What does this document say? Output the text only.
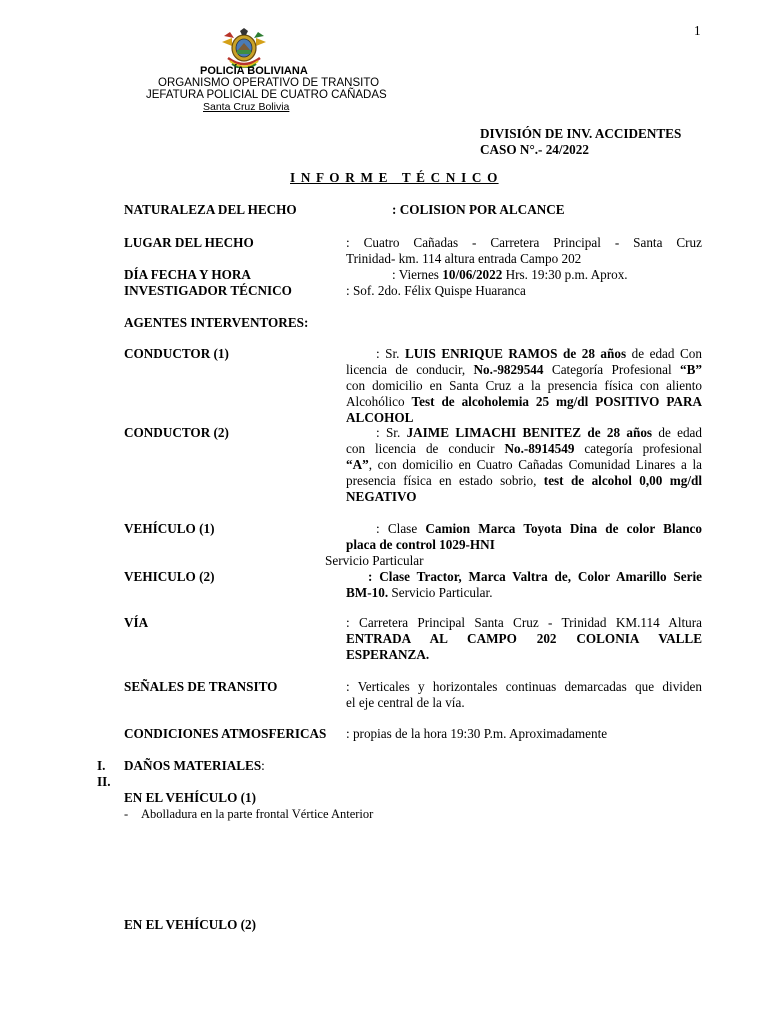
1
POLICÍA BOLIVIANA
ORGANISMO OPERATIVO DE TRANSITO
JEFATURA POLICIAL DE CUATRO CAÑADAS
Santa Cruz Bolivia
DIVISIÓN DE INV. ACCIDENTES
CASO N°.- 24/2022
I N F O R M E   T É C N I C O
NATURALEZA DEL HECHO	: COLISION POR ALCANCE
LUGAR DEL HECHO	: Cuatro Cañadas - Carretera Principal - Santa Cruz
Trinidad- km. 114 altura entrada Campo 202
DÍA FECHA Y HORA	: Viernes 10/06/2022 Hrs. 19:30 p.m. Aprox.
INVESTIGADOR TÉCNICO	: Sof. 2do. Félix Quispe Huaranca
AGENTES INTERVENTORES:
CONDUCTOR (1)	: Sr. LUIS ENRIQUE RAMOS de 28 años de edad Con
licencia de conducir, No.-9829544 Categoría Profesional “B”
con domicilio en Santa Cruz a la presencia física con aliento
Alcohólico Test de alcoholemia 25 mg/dl POSITIVO PARA
ALCOHOL
CONDUCTOR (2)	: Sr. JAIME LIMACHI BENITEZ de 28 años de edad
con licencia de conducir No.-8914549 categoría profesional
“A”, con domicilio en Cuatro Cañadas Comunidad Linares a la
presencia física en estado sobrio, test de alcohol 0,00 mg/dl
NEGATIVO
VEHÍCULO (1)	: Clase Camion Marca Toyota Dina de color Blanco
placa de control 1029-HNI
Servicio Particular
VEHICULO (2)	: Clase Tractor, Marca Valtra de, Color Amarillo Serie
BM-10. Servicio Particular.
VÍA	: Carretera Principal Santa Cruz - Trinidad KM.114 Altura
ENTRADA AL CAMPO 202 COLONIA VALLE
ESPERANZA.
SEÑALES DE TRANSITO	: Verticales y horizontales continuas demarcadas que dividen
el eje central de la vía.
CONDICIONES ATMOSFERICAS : propias de la hora 19:30 P.m. Aproximadamente
I.
II.
DAÑOS MATERIALES:
EN EL VEHÍCULO (1)
- Abolladura en la parte frontal Vértice Anterior
EN EL VEHÍCULO (2)
